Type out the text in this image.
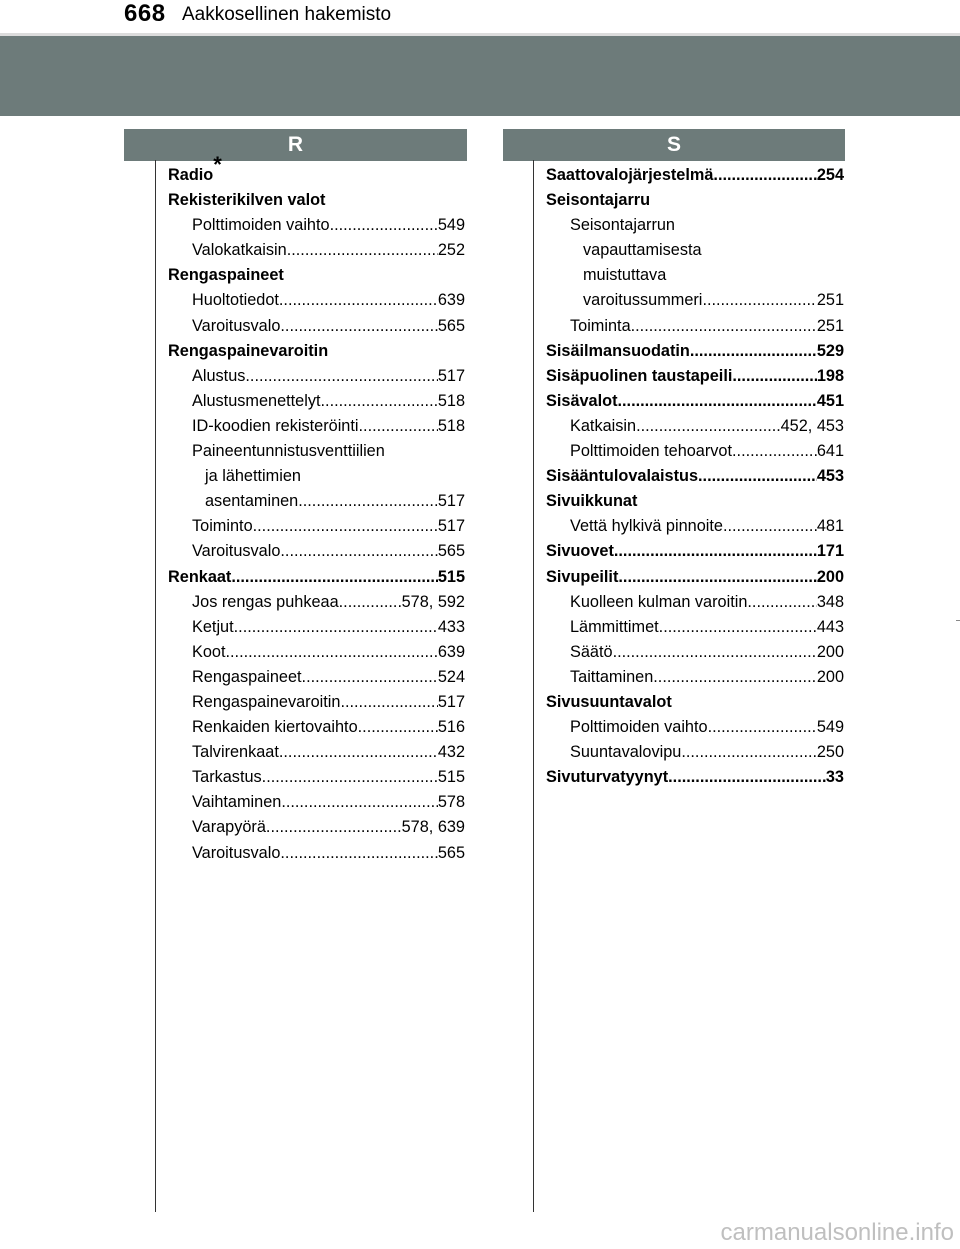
668 Aakkosellinen hakemisto
R	S
Radio*
Rekisterikilven valot
Polttimoiden vaihto .....	549
Valokatkaisin .....	252
Rengaspaineet
Huoltotiedot .....	639
Varoitusvalo .....	565
Rengaspainevaroitin
Alustus .....	517
Alustusmenettelyt .....	518
ID-koodien rekisteröinti .....	518
Paineentunnistusventtiilien
ja lähettimien
asentaminen .....	517
Toiminto .....	517
Varoitusvalo .....	565
Renkaat .....	515
Jos rengas puhkeaa .....	578, 592
Ketjut .....	433
Koot .....	639
Rengaspaineet .....	524
Rengaspainevaroitin .....	517
Renkaiden kiertovaihto .....	516
Talvirenkaat .....	432
Tarkastus .....	515
Vaihtaminen .....	578
Varapyörä .....	578, 639
Varoitusvalo .....	565
Saattovalojärjestelmä .....	254
Seisontajarru
Seisontajarrun
vapauttamisesta
muistuttava
varoitussummeri .....	251
Toiminta .....	251
Sisäilmansuodatin .....	529
Sisäpuolinen taustapeili .....	198
Sisävalot .....	451
Katkaisin .....	452, 453
Polttimoiden tehoarvot .....	641
Sisääntulovalaistus .....	453
Sivuikkunat
Vettä hylkivä pinnoite .....	481
Sivuovet .....	171
Sivupeilit .....	200
Kuolleen kulman varoitin .....	348
Lämmittimet .....	443
Säätö .....	200
Taittaminen .....	200
Sivusuuntavalot
Polttimoiden vaihto .....	549
Suuntavalovipu .....	250
Sivuturvatyynyt .....	33
carmanualsonline.info
